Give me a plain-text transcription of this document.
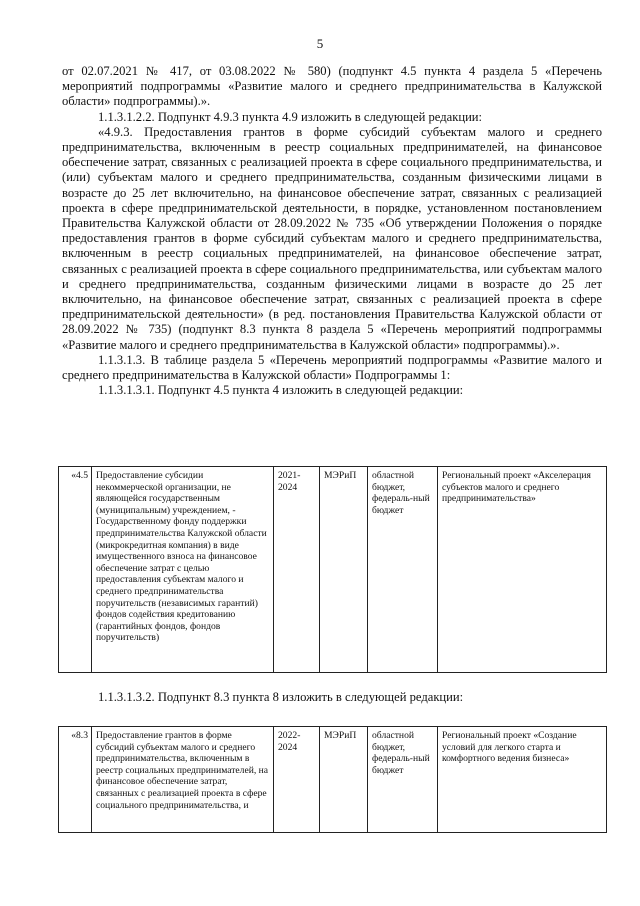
5

от 02.07.2021 № 417, от 03.08.2022 № 580) (подпункт 4.5 пункта 4 раздела 5 «Перечень мероприятий подпрограммы «Развитие малого и среднего предпринимательства в Калужской области» подпрограммы).».

1.1.3.1.2.2. Подпункт 4.9.3 пункта 4.9 изложить в следующей редакции:

«4.9.3. Предоставления грантов в форме субсидий субъектам малого и среднего предпринимательства, включенным в реестр социальных предпринимателей, на финансовое обеспечение затрат, связанных с реализацией проекта в сфере социального предпринимательства, и (или) субъектам малого и среднего предпринимательства, созданным физическими лицами в возрасте до 25 лет включительно, на финансовое обеспечение затрат, связанных с реализацией проекта в сфере предпринимательской деятельности, в порядке, установленном постановлением Правительства Калужской области от 28.09.2022 № 735 «Об утверждении Положения о порядке предоставления грантов в форме субсидий субъектам малого и среднего предпринимательства, включенным в реестр социальных предпринимателей, на финансовое обеспечение затрат, связанных с реализацией проекта в сфере социального предпринимательства, или субъектам малого и среднего предпринимательства, созданным физическими лицами в возрасте до 25 лет включительно, на финансовое обеспечение затрат, связанных с реализацией проекта в сфере предпринимательской деятельности» (в ред. постановления Правительства Калужской области от 28.09.2022 № 735) (подпункт 8.3 пункта 8 раздела 5 «Перечень мероприятий подпрограммы «Развитие малого и среднего предпринимательства в Калужской области» подпрограммы).».

1.1.3.1.3. В таблице раздела 5 «Перечень мероприятий подпрограммы «Развитие малого и среднего предпринимательства в Калужской области» Подпрограммы 1:

1.1.3.1.3.1. Подпункт 4.5 пункта 4 изложить в следующей редакции:

«4.5	Предоставление субсидии некоммерческой организации, не являющейся государственным (муниципальным) учреждением, - Государственному фонду поддержки предпринимательства Калужской области (микрокредитная компания) в виде имущественного взноса на финансовое обеспечение затрат с целью предоставления субъектам малого и среднего предпринимательства поручительств (независимых гарантий) фондов содействия кредитованию (гарантийных фондов, фондов поручительств)	2021-2024	МЭРиП	областной бюджет, федераль-ный бюджет	Региональный проект «Акселерация субъектов малого и среднего предпринимательства»

1.1.3.1.3.2. Подпункт 8.3 пункта 8 изложить в следующей редакции:

«8.3	Предоставление грантов в форме субсидий субъектам малого и среднего предпринимательства, включенным в реестр социальных предпринимателей, на финансовое обеспечение затрат, связанных с реализацией проекта в сфере социального предпринимательства, и	2022-2024	МЭРиП	областной бюджет, федераль-ный бюджет	Региональный проект «Создание условий для легкого старта и комфортного ведения бизнеса»
